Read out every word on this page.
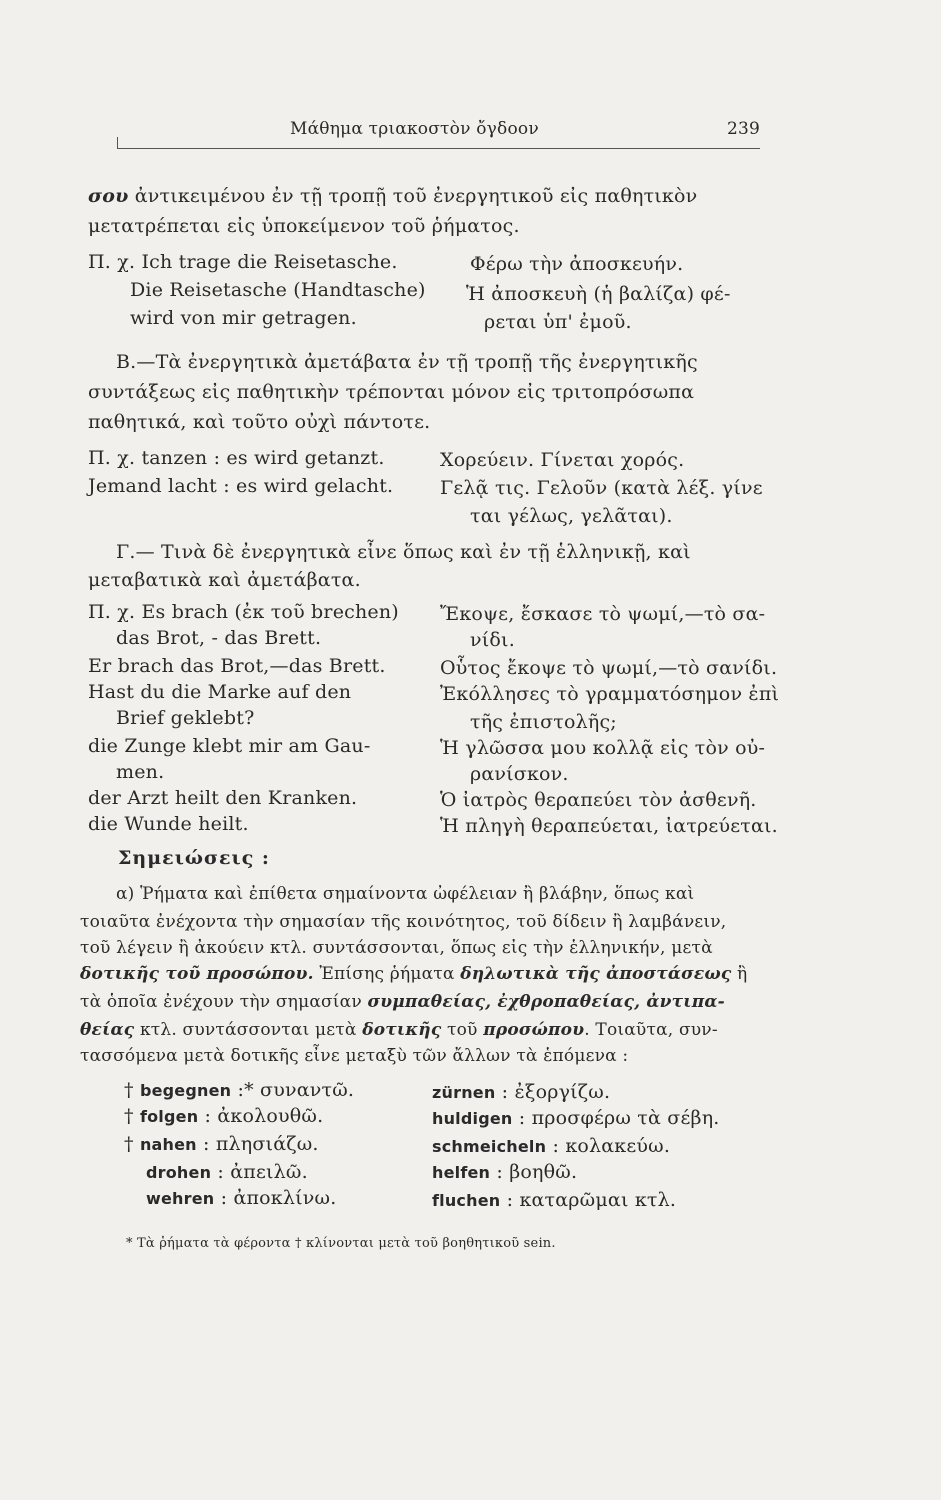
Μάθημα τριακοστὸν ὄγδοον	239
σου ἀντικειμένου ἐν τῇ τροπῇ τοῦ ἐνεργητικοῦ εἰς παθητικὸν
μετατρέπεται εἰς ὑποκείμενον τοῦ ῥήματος.
Π. χ. Ich trage die Reisetasche.
Die Reisetasche (Handtasche)
wird von mir getragen.
Φέρω τὴν ἀποσκευήν.
Ἡ ἀποσκευὴ (ἡ βαλίζα) φέ-
ρεται ὑπ' ἐμοῦ.
Β.—Τὰ ἐνεργητικὰ ἀμετάβατα ἐν τῇ τροπῇ τῆς ἐνεργητικῆς
συντάξεως εἰς παθητικὴν τρέπονται μόνον εἰς τριτοπρόσωπα
παθητικά, καὶ τοῦτο οὐχὶ πάντοτε.
Π. χ. tanzen : es wird getanzt.
Jemand lacht : es wird gelacht.
Χορεύειν. Γίνεται χορός.
Γελᾷ τις. Γελοῦν (κατὰ λέξ. γίνε
ται γέλως, γελᾶται).
Γ.— Τινὰ δὲ ἐνεργητικὰ εἶνε ὅπως καὶ ἐν τῇ ἑλληνικῇ, καὶ
μεταβατικὰ καὶ ἀμετάβατα.
Π. χ. Es brach (ἐκ τοῦ brechen)
das Brot, - das Brett.
Er brach das Brot,—das Brett.
Hast du die Marke auf den
Brief geklebt?
die Zunge klebt mir am Gau-
men.
der Arzt heilt den Kranken.
die Wunde heilt.
Ἔκοψε, ἔσκασε τὸ ψωμί,—τὸ σα-
νίδι.
Οὗτος ἔκοψε τὸ ψωμί,—τὸ σανίδι.
Ἐκόλλησες τὸ γραμματόσημον ἐπὶ
τῆς ἐπιστολῆς;
Ἡ γλῶσσα μου κολλᾷ εἰς τὸν οὐ-
ρανίσκον.
Ὁ ἰατρὸς θεραπεύει τὸν ἀσθενῆ.
Ἡ πληγὴ θεραπεύεται, ἰατρεύεται.
Σημειώσεις :
α) Ῥήματα καὶ ἐπίθετα σημαίνοντα ὠφέλειαν ἢ βλάβην, ὅπως καὶ
τοιαῦτα ἐνέχοντα τὴν σημασίαν τῆς κοινότητος, τοῦ δίδειν ἢ λαμβάνειν,
τοῦ λέγειν ἢ ἀκούειν κτλ. συντάσσονται, ὅπως εἰς τὴν ἑλληνικήν, μετὰ
δοτικῆς τοῦ προσώπου. Ἐπίσης ῥήματα δηλωτικὰ τῆς ἀποστάσεως ἢ
τὰ ὁποῖα ἐνέχουν τὴν σημασίαν συμπαθείας, ἐχθροπαθείας, ἀντιπα-
θείας κτλ. συντάσσονται μετὰ δοτικῆς τοῦ προσώπου. Τοιαῦτα, συν-
τασσόμενα μετὰ δοτικῆς εἶνε μεταξὺ τῶν ἄλλων τὰ ἑπόμενα :
† begegnen :* συναντῶ.
† folgen : ἀκολουθῶ.
† nahen : πλησιάζω.
drohen : ἀπειλῶ.
wehren : ἀποκλίνω.
zürnen : ἐξοργίζω.
huldigen : προσφέρω τὰ σέβη.
schmeicheln : κολακεύω.
helfen : βοηθῶ.
fluchen : καταρῶμαι κτλ.
* Τὰ ῥήματα τὰ φέροντα † κλίνονται μετὰ τοῦ βοηθητικοῦ sein.
